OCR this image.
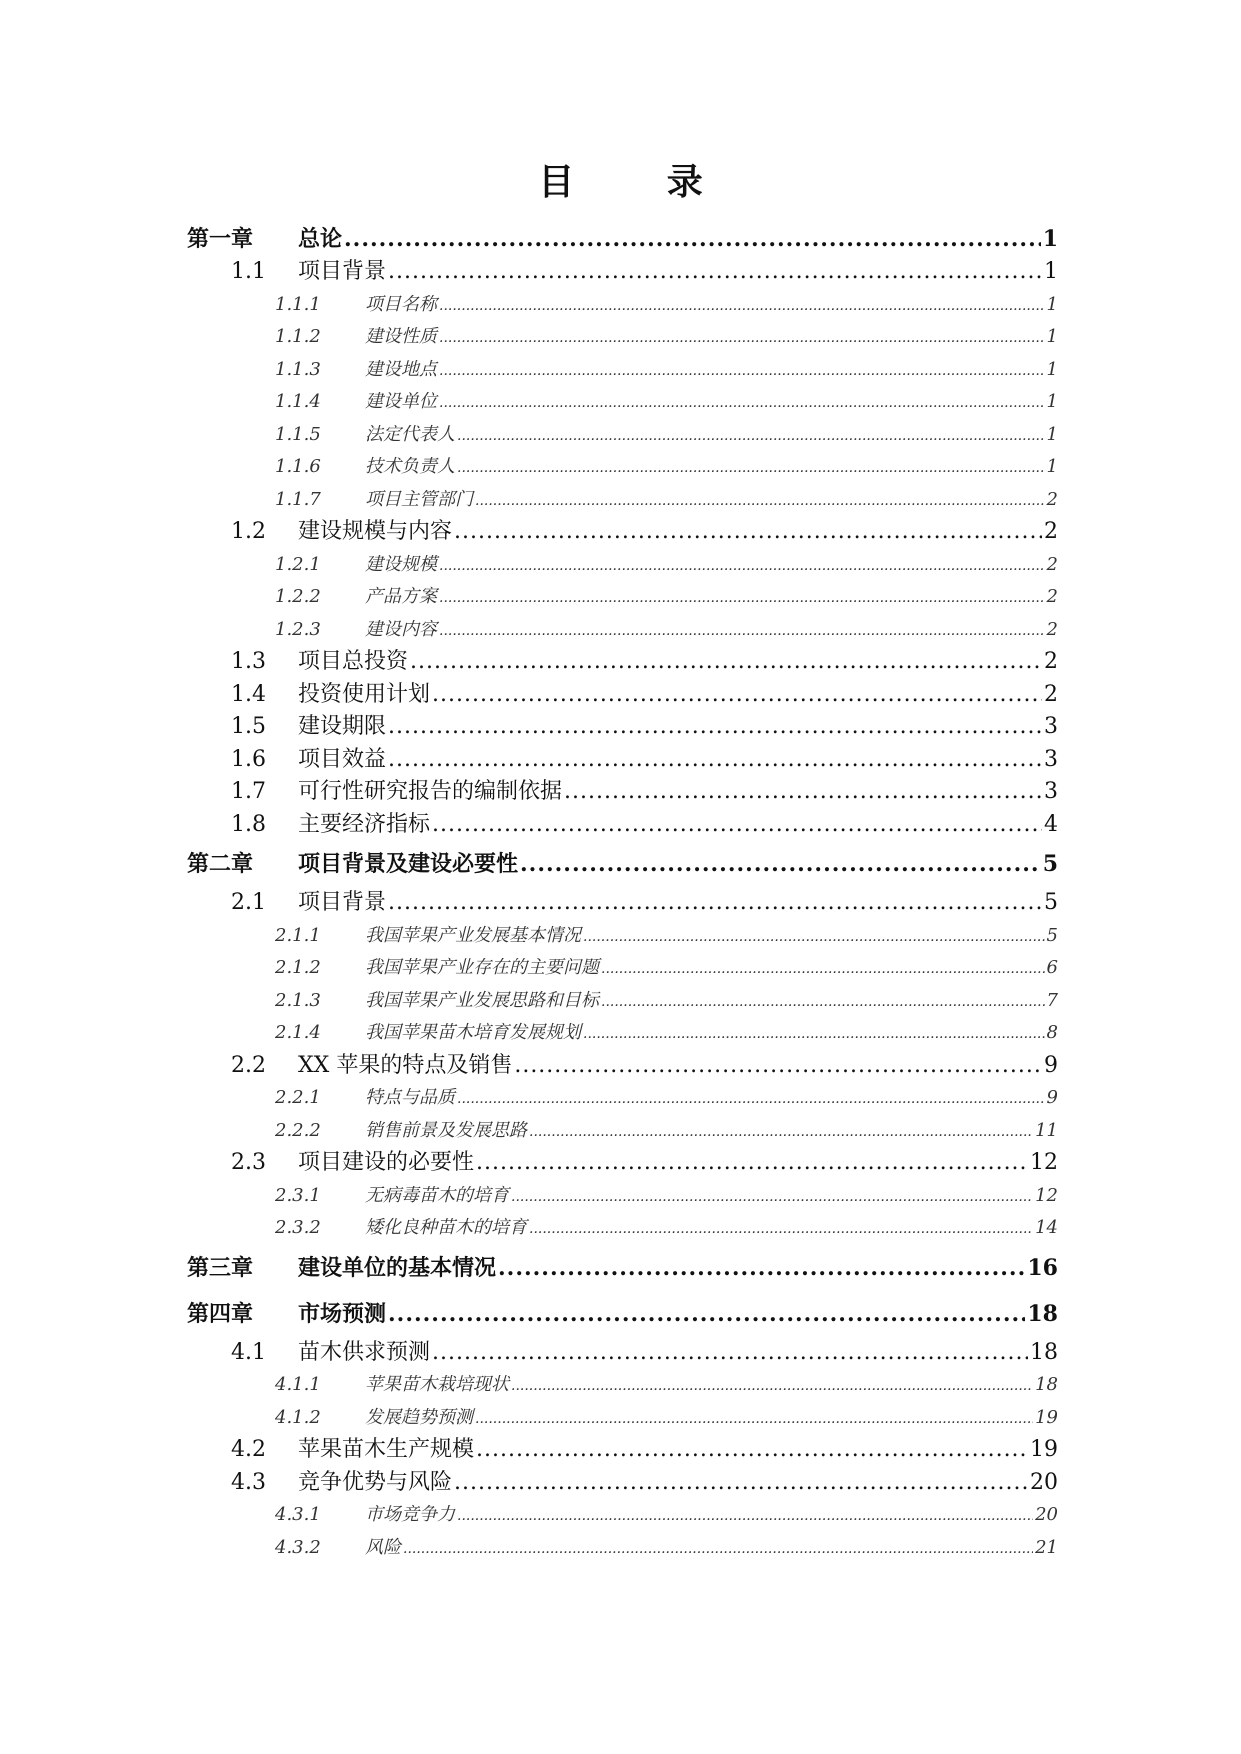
目 录
第一章	总论 .....	1
1.1	项目背景 .....	1
1.1.1	项目名称 .....	1
1.1.2	建设性质 .....	1
1.1.3	建设地点 .....	1
1.1.4	建设单位 .....	1
1.1.5	法定代表人 .....	1
1.1.6	技术负责人 .....	1
1.1.7	项目主管部门 .....	2
1.2	建设规模与内容 .....	2
1.2.1	建设规模 .....	2
1.2.2	产品方案 .....	2
1.2.3	建设内容 .....	2
1.3	项目总投资 .....	2
1.4	投资使用计划 .....	2
1.5	建设期限 .....	3
1.6	项目效益 .....	3
1.7	可行性研究报告的编制依据 .....	3
1.8	主要经济指标 .....	4
第二章	项目背景及建设必要性 .....	5
2.1	项目背景 .....	5
2.1.1	我国苹果产业发展基本情况 .....	5
2.1.2	我国苹果产业存在的主要问题 .....	6
2.1.3	我国苹果产业发展思路和目标 .....	7
2.1.4	我国苹果苗木培育发展规划 .....	8
2.2	XX 苹果的特点及销售 .....	9
2.2.1	特点与品质 .....	9
2.2.2	销售前景及发展思路 .....	11
2.3	项目建设的必要性 .....	12
2.3.1	无病毒苗木的培育 .....	12
2.3.2	矮化良种苗木的培育 .....	14
第三章	建设单位的基本情况 .....	16
第四章	市场预测 .....	18
4.1	苗木供求预测 .....	18
4.1.1	苹果苗木栽培现状 .....	18
4.1.2	发展趋势预测 .....	19
4.2	苹果苗木生产规模 .....	19
4.3	竞争优势与风险 .....	20
4.3.1	市场竞争力 .....	20
4.3.2	风险 .....	21
